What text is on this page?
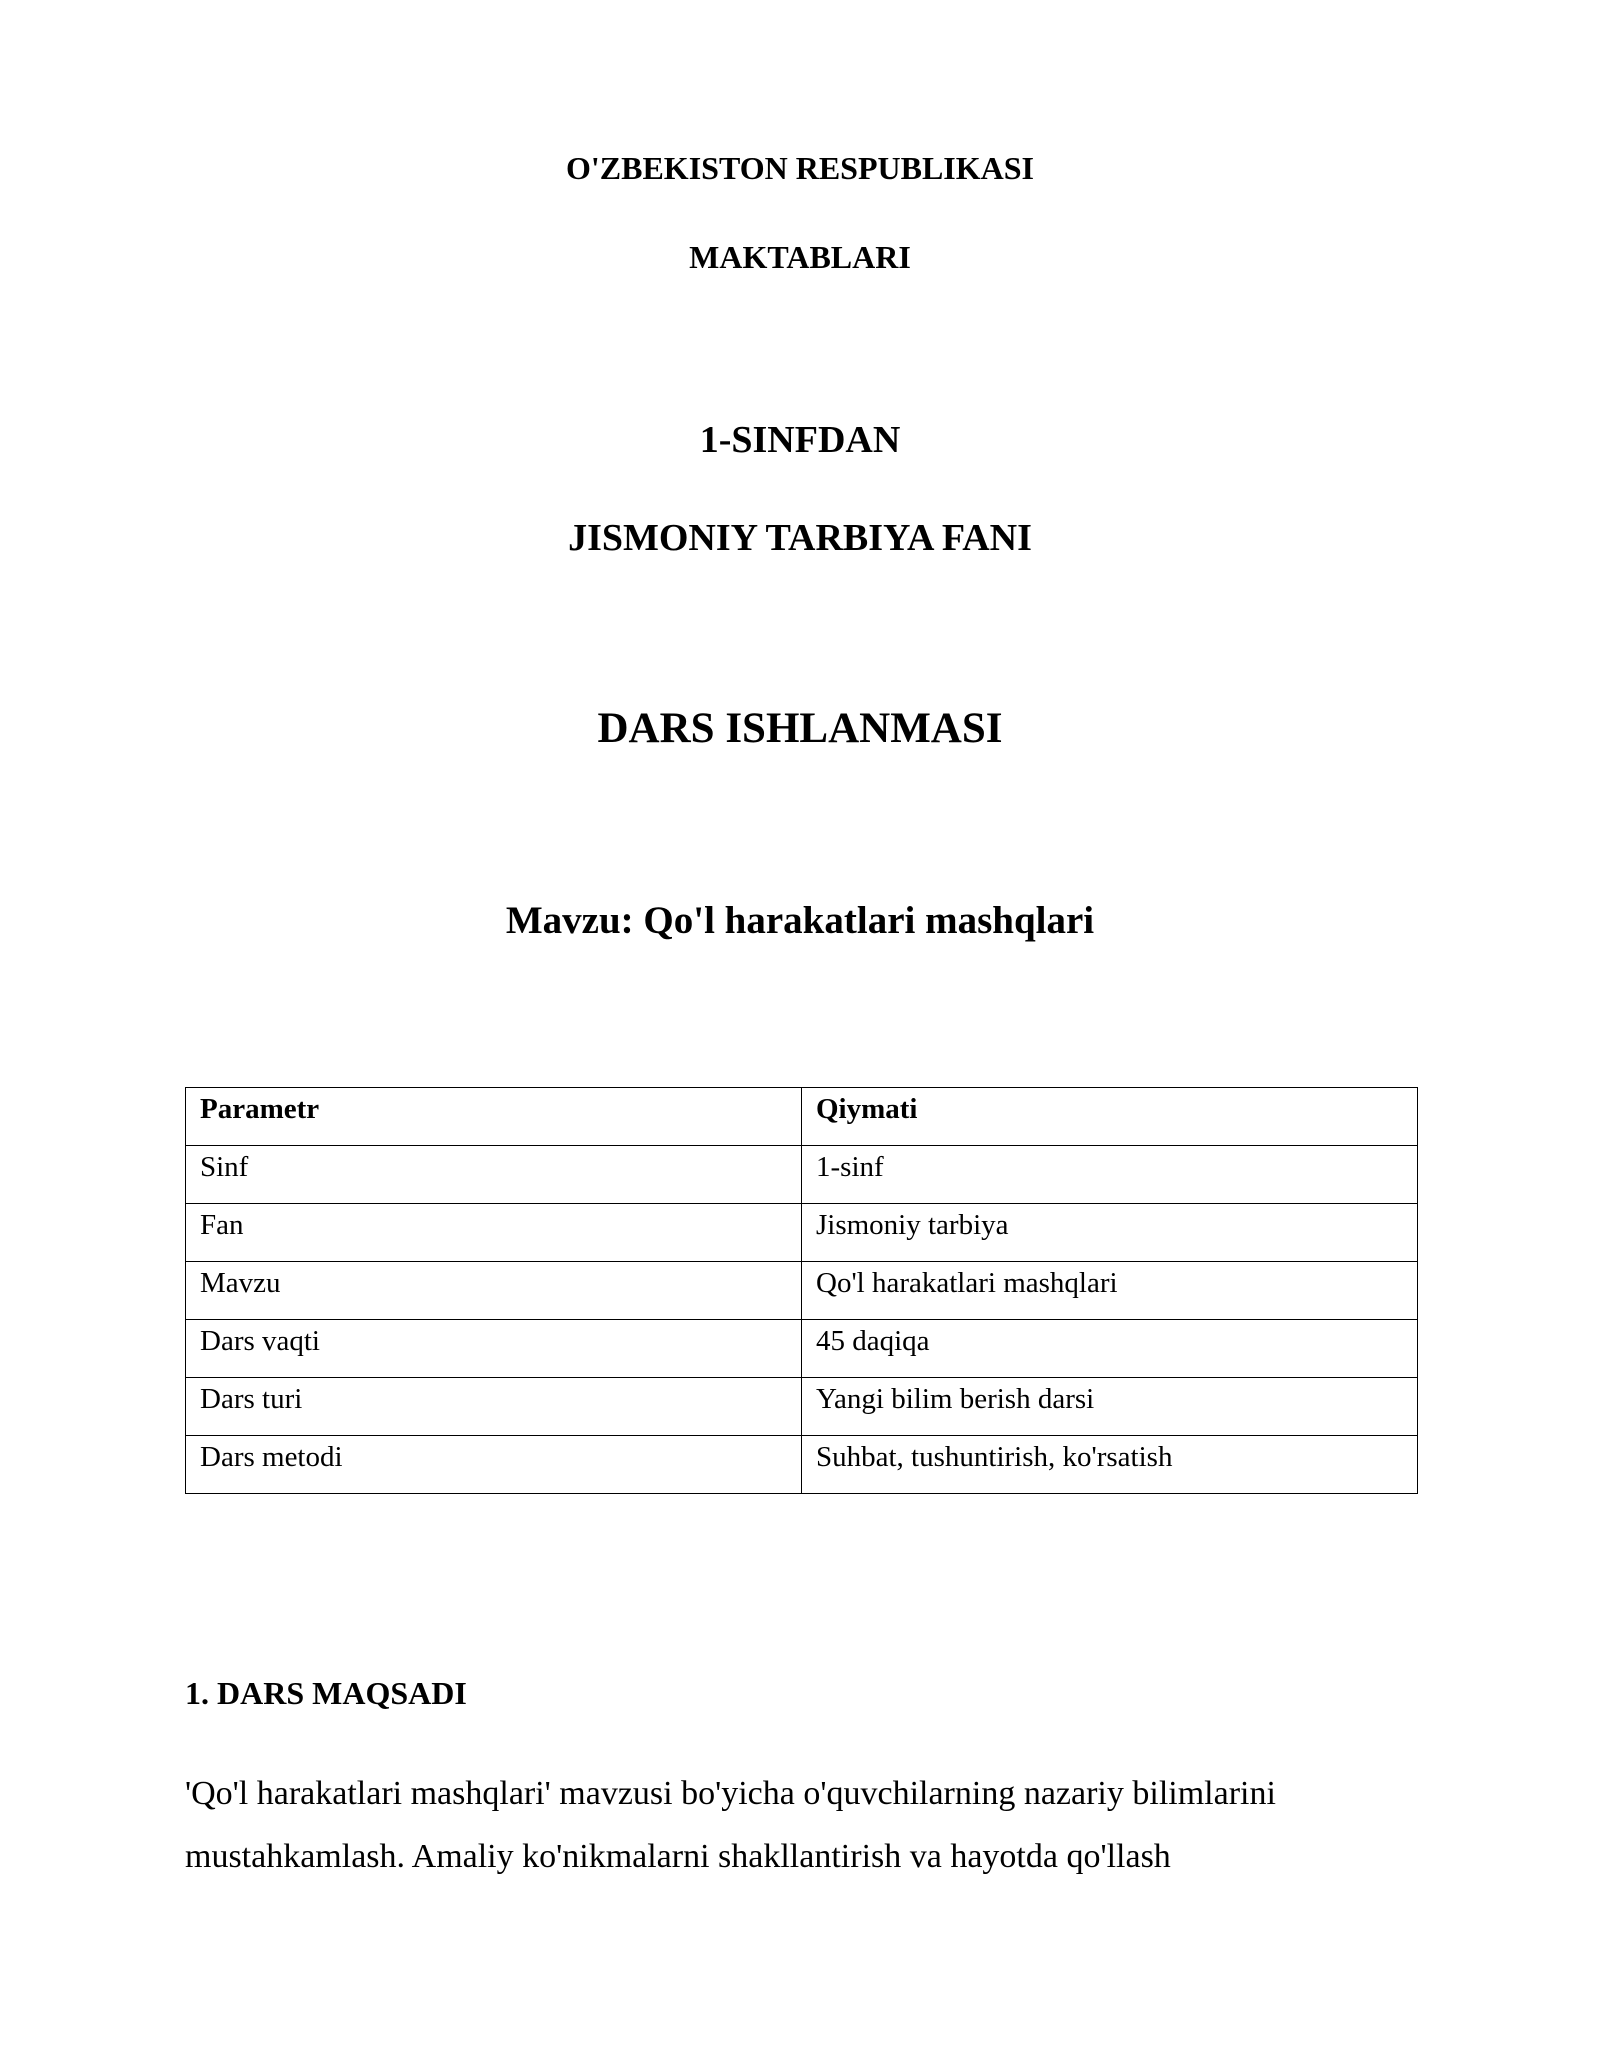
O'ZBEKISTON RESPUBLIKASI

MAKTABLARI

1-SINFDAN

JISMONIY TARBIYA FANI

DARS ISHLANMASI

Mavzu: Qo'l harakatlari mashqlari

Parametr	Qiymati
Sinf	1-sinf
Fan	Jismoniy tarbiya
Mavzu	Qo'l harakatlari mashqlari
Dars vaqti	45 daqiqa
Dars turi	Yangi bilim berish darsi
Dars metodi	Suhbat, tushuntirish, ko'rsatish
1. DARS MAQSADI

'Qo'l harakatlari mashqlari' mavzusi bo'yicha o'quvchilarning nazariy bilimlarini
mustahkamlash. Amaliy ko'nikmalarni shakllantirish va hayotda qo'llash
